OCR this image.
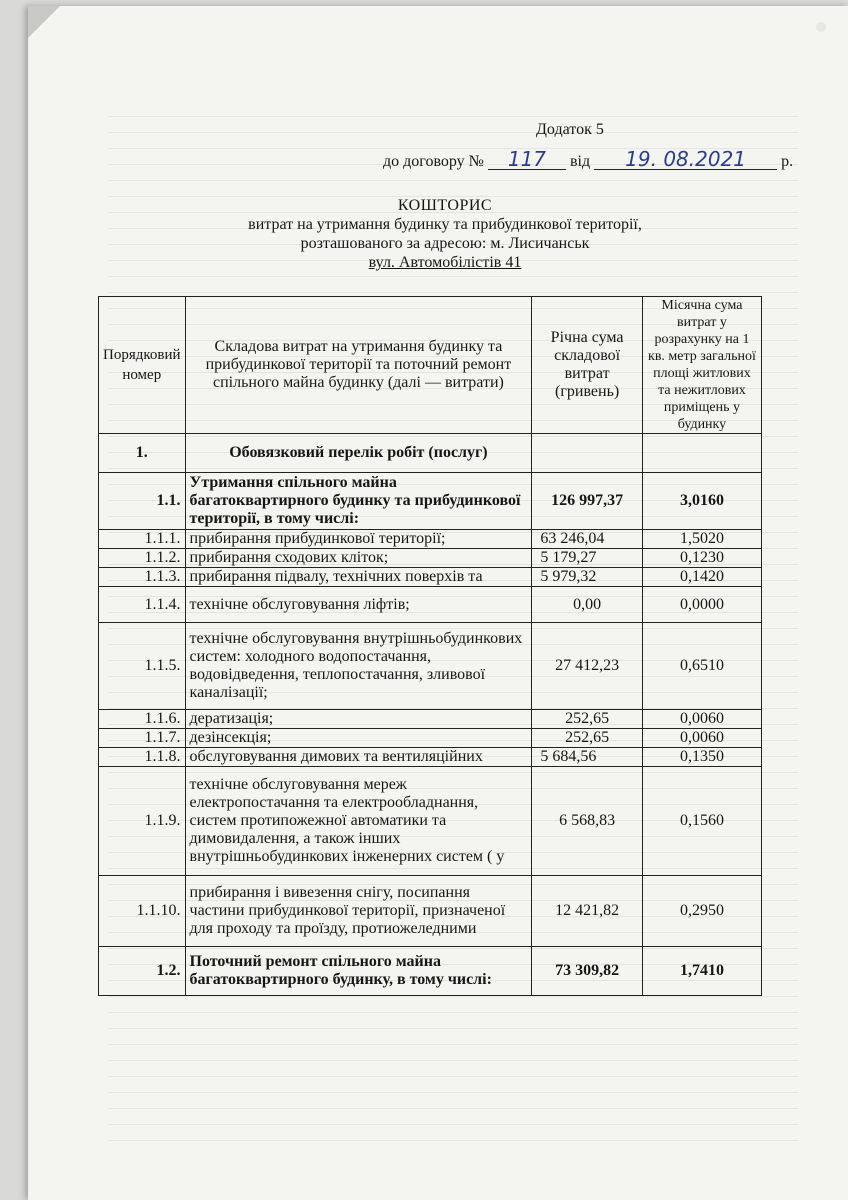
Додаток 5
до договору № 117 від 19. 08.2021 р.
КОШТОРИС
витрат на утримання будинку та прибудинкової території,
розташованого за адресою: м. Лисичанськ
вул. Автомобілістів 41
Порядковий номер	Складова витрат на утримання будинку та прибудинкової території та поточний ремонт спільного майна будинку (далі — витрати)	Річна сума складової витрат (гривень)	Місячна сума витрат у розрахунку на 1 кв. метр загальної площі житлових та нежитлових приміщень у будинку
1.	Обовязковий перелік робіт (послуг)		
1.1.	Утримання спільного майна багатоквартирного будинку та прибудинкової території, в тому числі:	126 997,37	3,0160
1.1.1.	прибирання прибудинкової території;	63 246,04	1,5020
1.1.2.	прибирання сходових кліток;	5 179,27	0,1230
1.1.3.	прибирання підвалу, технічних поверхів та	5 979,32	0,1420
1.1.4.	технічне обслуговування ліфтів;	0,00	0,0000
1.1.5.	технічне обслуговування внутрішньобудинкових систем: холодного водопостачання, водовідведення, теплопостачання, зливової каналізації;	27 412,23	0,6510
1.1.6.	дератизація;	252,65	0,0060
1.1.7.	дезінсекція;	252,65	0,0060
1.1.8.	обслуговування димових та вентиляційних	5 684,56	0,1350
1.1.9.	технічне обслуговування мереж електропостачання та електрообладнання, систем протипожежної автоматики та димовидалення, а також інших внутрішньобудинкових інженерних систем ( у	6 568,83	0,1560
1.1.10.	прибирання і вивезення снігу, посипання частини прибудинкової території, призначеної для проходу та проїзду, протиожеледними	12 421,82	0,2950
1.2.	Поточний ремонт спільного майна багатоквартирного будинку, в тому числі:	73 309,82	1,7410
